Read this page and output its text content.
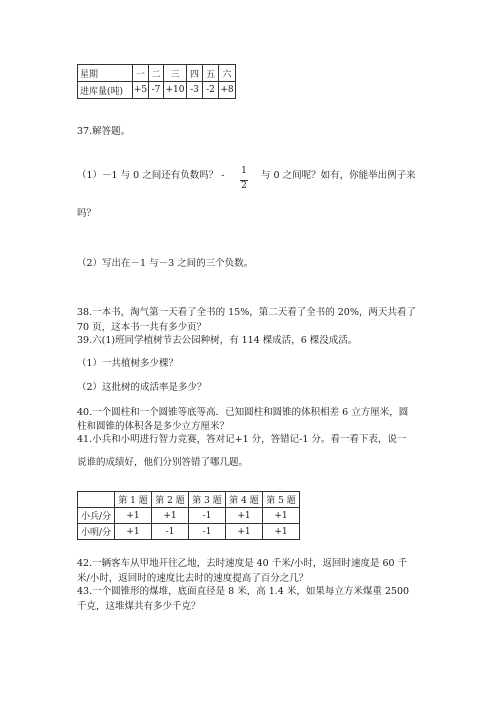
星期	一	二	三	四	五	六
进库量(吨)	+5	-7	+10	-3	-2	+8
37.解答题。
（1）－1 与 0 之间还有负数吗？ - 1
2
与 0 之间呢？如有，你能举出例子来
吗？
（2）写出在－1 与－3 之间的三个负数。
38.一本书，淘气第一天看了全书的 15%，第二天看了全书的 20%，两天共看了
70 页，这本书一共有多少页？
39.六(1)班同学植树节去公园种树，有 114 棵成活，6 棵没成活。
（1）一共植树多少棵？
（2）这批树的成活率是多少？
40.一个圆柱和一个圆锥等底等高．已知圆柱和圆锥的体积相差 6 立方厘米，圆
柱和圆锥的体积各是多少立方厘米？
41.小兵和小明进行智力竞赛，答对记+1 分，答错记-1 分。看一看下表，说一
说谁的成绩好，他们分别答错了哪几题。
	第 1 题	第 2 题	第 3 题	第 4 题	第 5 题
小兵/分	+1	+1	-1	+1	+1
小明/分	+1	-1	-1	+1	+1
42.一辆客车从甲地开往乙地，去时速度是 40 千米/小时，返回时速度是 60 千
米/小时，返回时的速度比去时的速度提高了百分之几？
43.一个圆锥形的煤堆，底面直径是 8 米，高 1.4 米，如果每立方米煤重 2500
千克，这堆煤共有多少千克？
